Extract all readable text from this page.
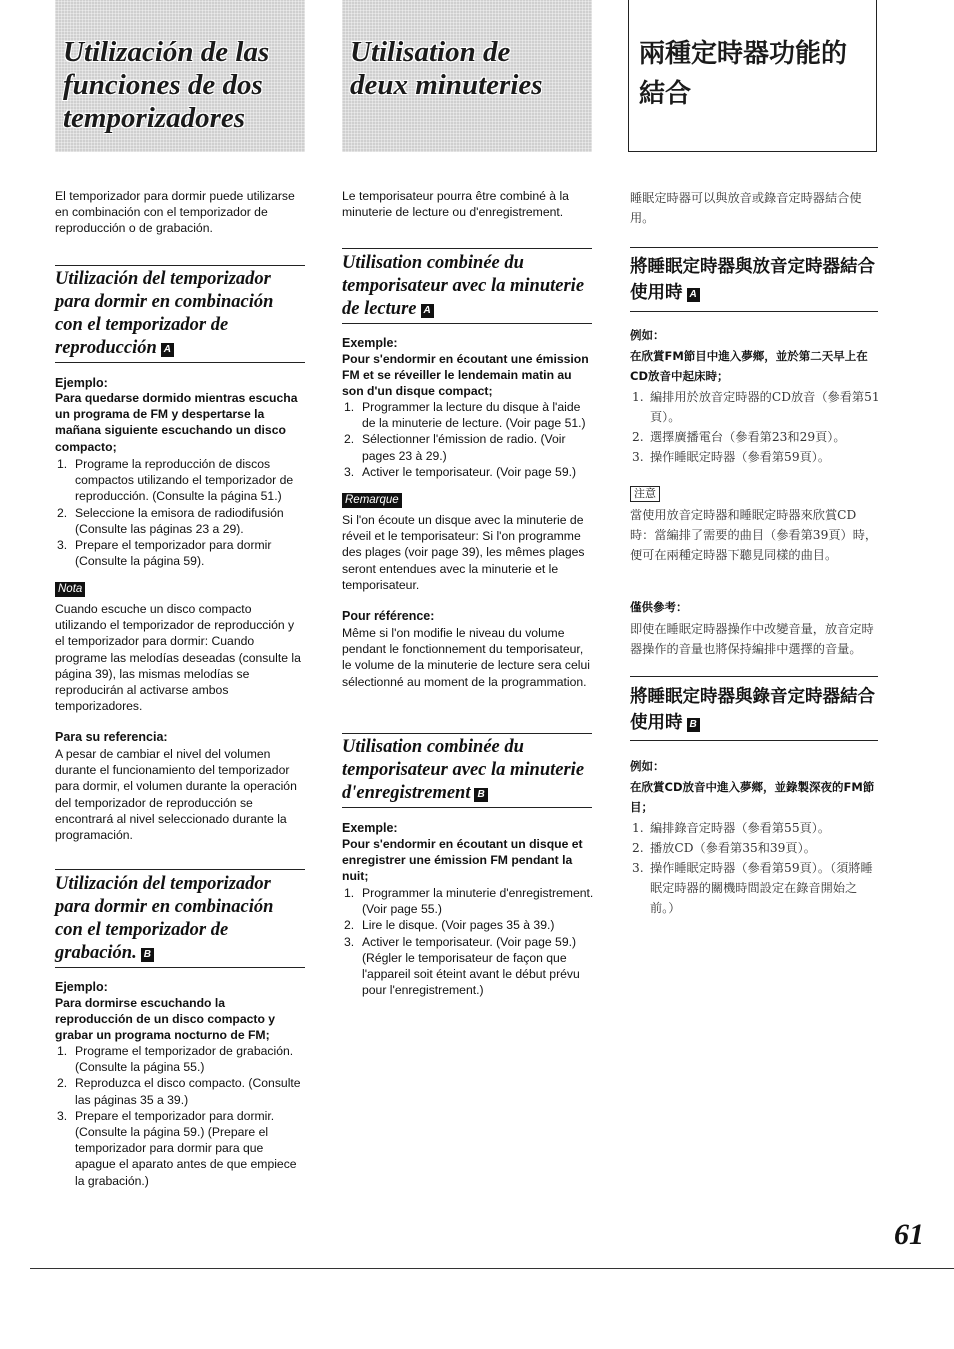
Utilización de las funciones de dos temporizadores
El temporizador para dormir puede utilizarse en combinación con el temporizador de reproducción o de grabación.
Utilización del temporizador para dormir en combinación con el temporizador de reproducción A
Ejemplo:
Para quedarse dormido mientras escucha un programa de FM y despertarse la mañana siguiente escuchando un disco compacto;
1. Programe la reproducción de discos compactos utilizando el temporizador de reproducción. (Consulte la página 51.)
2. Seleccione la emisora de radiodifusión (Consulte las páginas 23 a 29).
3. Prepare el temporizador para dormir (Consulte la página 59).
Nota
Cuando escuche un disco compacto utilizando el temporizador de reproducción y el temporizador para dormir: Cuando programe las melodías deseadas (consulte la página 39), las mismas melodías se reproducirán al activarse ambos temporizadores.
Para su referencia:
A pesar de cambiar el nivel del volumen durante el funcionamiento del temporizador para dormir, el volumen durante la operación del temporizador de reproducción se encontrará al nivel seleccionado durante la programación.
Utilización del temporizador para dormir en combinación con el temporizador de grabación. B
Ejemplo:
Para dormirse escuchando la reproducción de un disco compacto y grabar un programa nocturno de FM;
1. Programe el temporizador de grabación. (Consulte la página 55.)
2. Reproduzca el disco compacto. (Consulte las páginas 35 a 39.)
3. Prepare el temporizador para dormir. (Consulte la página 59.) (Prepare el temporizador para dormir para que apague el aparato antes de que empiece la grabación.)
Utilisation de deux minuteries
Le temporisateur pourra être combiné à la minuterie de lecture ou d'enregistrement.
Utilisation combinée du temporisateur avec la minuterie de lecture A
Exemple:
Pour s'endormir en écoutant une émission FM et se réveiller le lendemain matin au son d'un disque compact;
1. Programmer la lecture du disque à l'aide de la minuterie de lecture. (Voir page 51.)
2. Sélectionner l'émission de radio. (Voir pages 23 à 29.)
3. Activer le temporisateur. (Voir page 59.)
Remarque
Si l'on écoute un disque avec la minuterie de réveil et le temporisateur: Si l'on programme des plages (voir page 39), les mêmes plages seront entendues avec la minuterie et le temporisateur.
Pour référence:
Même si l'on modifie le niveau du volume pendant le fonctionnement du temporisateur, le volume de la minuterie de lecture sera celui sélectionné au moment de la programmation.
Utilisation combinée du temporisateur avec la minuterie d'enregistrement B
Exemple:
Pour s'endormir en écoutant un disque et enregistrer une émission FM pendant la nuit;
1. Programmer la minuterie d'enregistrement. (Voir page 55.)
2. Lire le disque. (Voir pages 35 à 39.)
3. Activer le temporisateur. (Voir page 59.) (Régler le temporisateur de façon que l'appareil soit éteint avant le début prévu pour l'enregistrement.)
兩種定時器功能的
結合
睡眠定時器可以與放音或錄音定時器結合使用。
將睡眠定時器與放音定時器結合使用時 A
例如：
在欣賞FM節目中進入夢鄉，並於第二天早上在CD放音中起床時；
1. 編排用於放音定時器的CD放音（參看第51頁）。
2. 選擇廣播電台（參看第23和29頁）。
3. 操作睡眠定時器（參看第59頁）。
注意
當使用放音定時器和睡眠定時器來欣賞CD時：當編排了需要的曲目（參看第39頁）時，便可在兩種定時器下聽見同樣的曲目。
僅供參考：
即使在睡眠定時器操作中改變音量，放音定時器操作的音量也將保持編排中選擇的音量。
將睡眠定時器與錄音定時器結合使用時 B
例如：
在欣賞CD放音中進入夢鄉，並錄製深夜的FM節目；
1. 編排錄音定時器（參看第55頁）。
2. 播放CD（參看第35和39頁）。
3. 操作睡眠定時器（參看第59頁）。（須將睡眠定時器的關機時間設定在錄音開始之前。）
61
